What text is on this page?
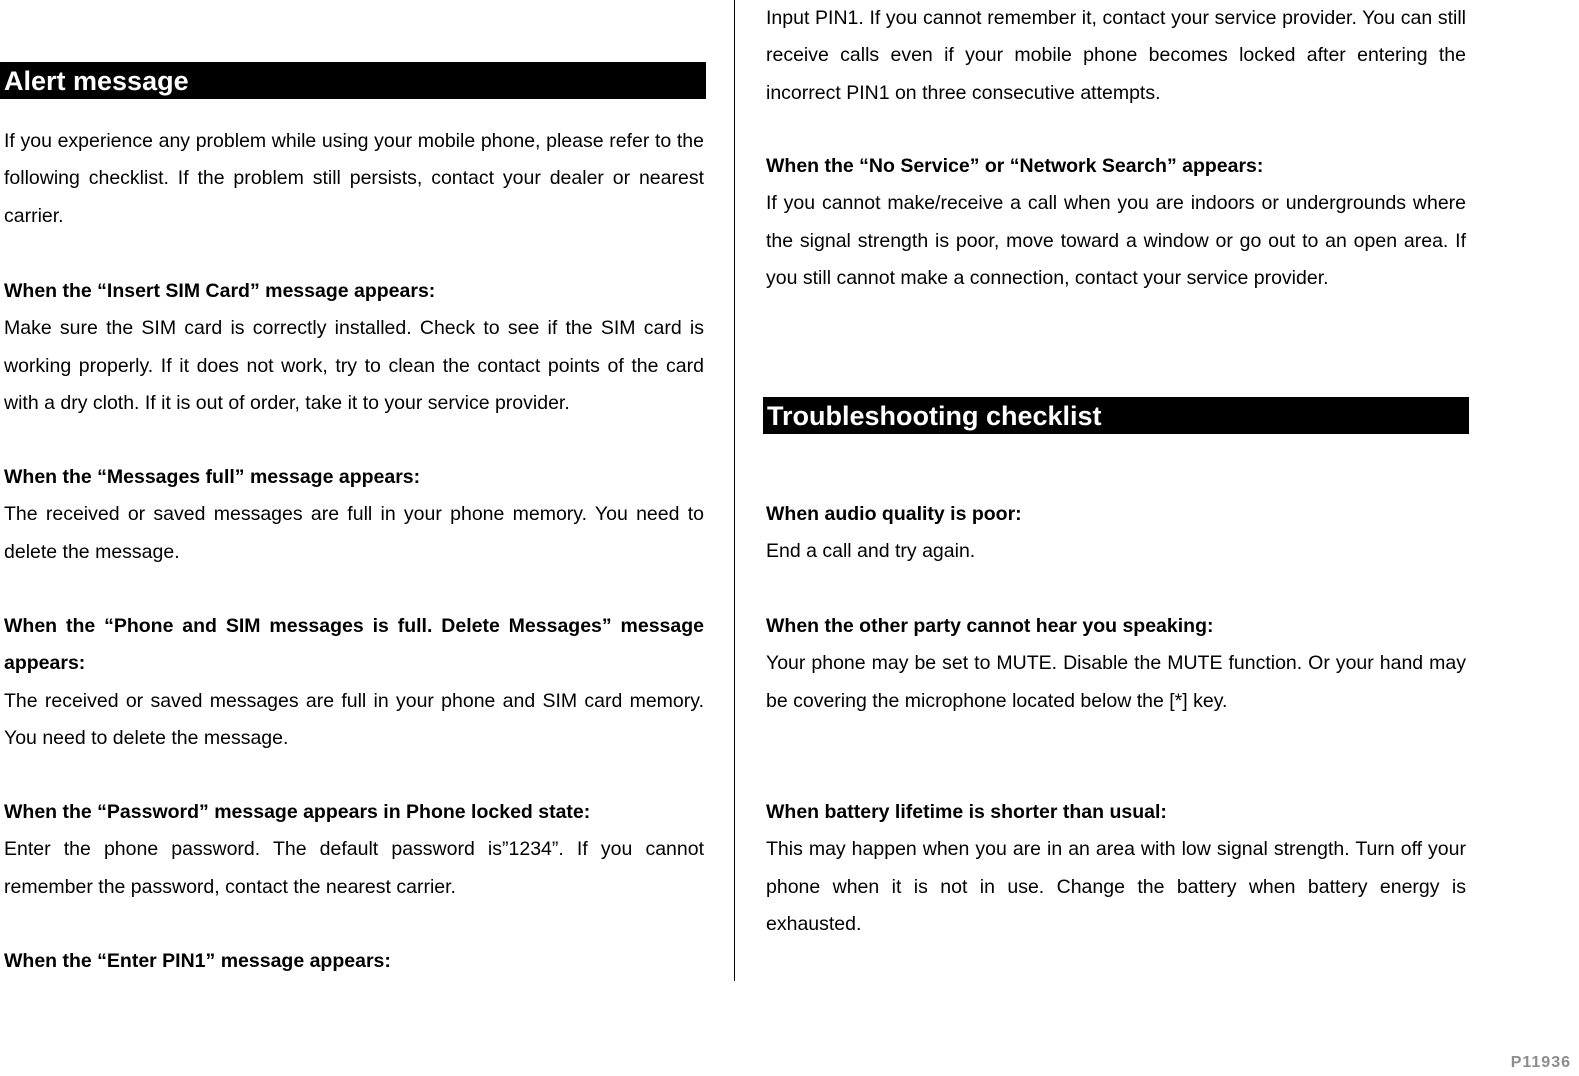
Alert message

If you experience any problem while using your mobile phone, please refer to the following checklist. If the problem still persists, contact your dealer or nearest carrier.

When the “Insert SIM Card” message appears:

Make sure the SIM card is correctly installed. Check to see if the SIM card is working properly. If it does not work, try to clean the contact points of the card with a dry cloth. If it is out of order, take it to your service provider.

When the “Messages full” message appears:

The received or saved messages are full in your phone memory. You need to delete the message.

When the “Phone and SIM messages is full. Delete Messages” message appears:

The received or saved messages are full in your phone and SIM card memory. You need to delete the message.

When the “Password” message appears in Phone locked state:

Enter the phone password. The default password is”1234”. If you cannot remember the password, contact the nearest carrier.

When the “Enter PIN1” message appears:

Input PIN1. If you cannot remember it, contact your service provider. You can still receive calls even if your mobile phone becomes locked after entering the incorrect PIN1 on three consecutive attempts.

When the “No Service” or “Network Search” appears:

If you cannot make/receive a call when you are indoors or undergrounds where the signal strength is poor, move toward a window or go out to an open area. If you still cannot make a connection, contact your service provider.

Troubleshooting checklist

When audio quality is poor:

End a call and try again.

When the other party cannot hear you speaking:

Your phone may be set to MUTE. Disable the MUTE function. Or your hand may be covering the microphone located below the [*] key.

When battery lifetime is shorter than usual:

This may happen when you are in an area with low signal strength. Turn off your phone when it is not in use. Change the battery when battery energy is exhausted.

P11936
